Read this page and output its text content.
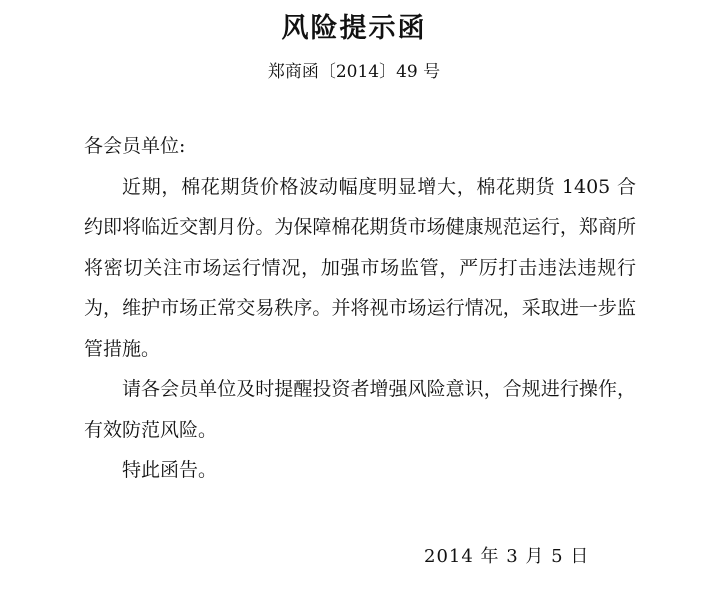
风险提示函
郑商函〔2014〕49 号

各会员单位:

近期，棉花期货价格波动幅度明显增大，棉花期货 1405 合约即将临近交割月份。为保障棉花期货市场健康规范运行，郑商所将密切关注市场运行情况，加强市场监管，严厉打击违法违规行为，维护市场正常交易秩序。并将视市场运行情况，采取进一步监管措施。

请各会员单位及时提醒投资者增强风险意识，合规进行操作，有效防范风险。

特此函告。

2014 年 3 月 5 日
